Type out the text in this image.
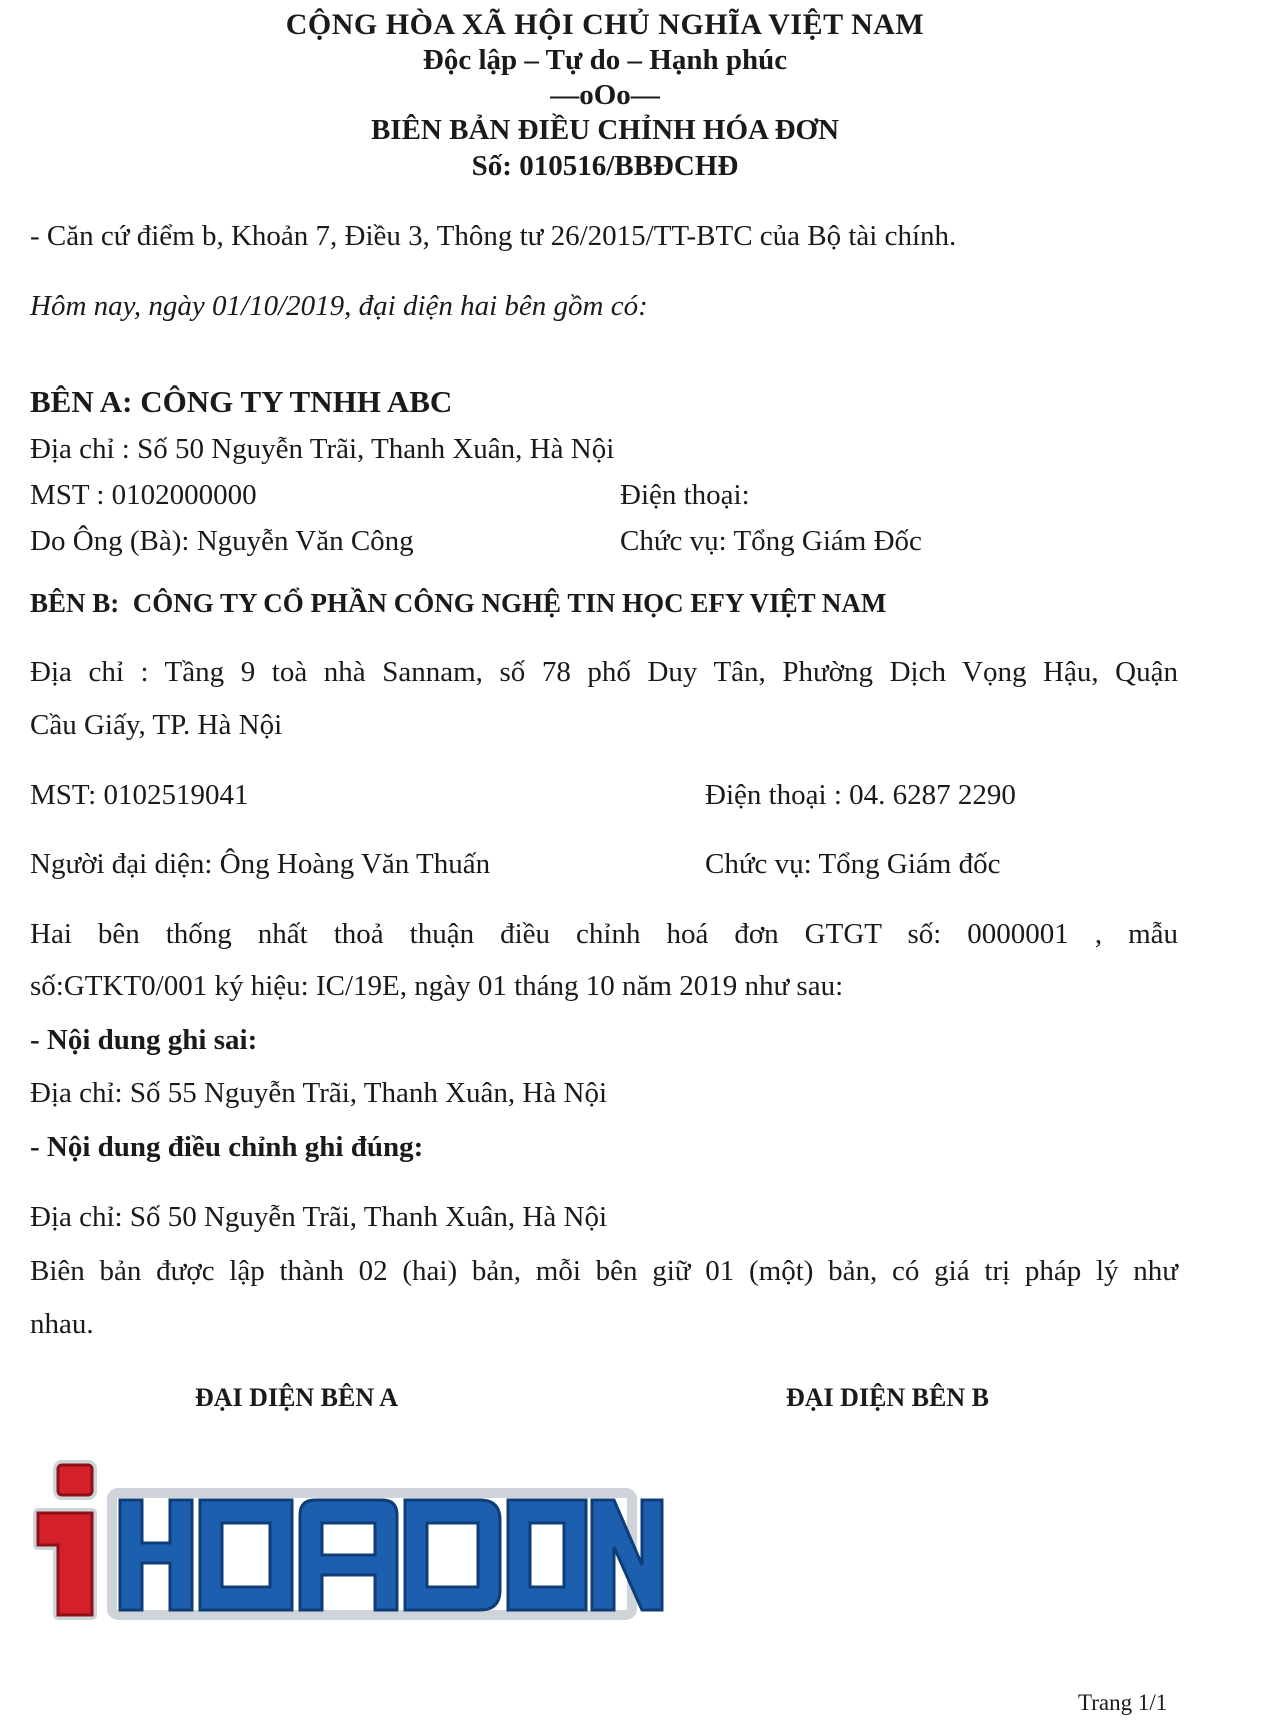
CỘNG HÒA XÃ HỘI CHỦ NGHĨA VIỆT NAM
Độc lập – Tự do – Hạnh phúc
—oOo—
BIÊN BẢN ĐIỀU CHỈNH HÓA ĐƠN
Số: 010516/BBĐCHĐ
- Căn cứ điểm b, Khoản 7, Điều 3, Thông tư 26/2015/TT-BTC của Bộ tài chính.
Hôm nay, ngày 01/10/2019, đại diện hai bên gồm có:
BÊN A: CÔNG TY TNHH ABC
Địa chỉ : Số 50 Nguyễn Trãi, Thanh Xuân, Hà Nội
MST : 0102000000	Điện thoại:
Do Ông (Bà): Nguyễn Văn Công	Chức vụ: Tổng Giám Đốc
BÊN B: CÔNG TY CỔ PHẦN CÔNG NGHỆ TIN HỌC EFY VIỆT NAM
Địa chỉ : Tầng 9 toà nhà Sannam, số 78 phố Duy Tân, Phường Dịch Vọng Hậu, Quận
Cầu Giấy, TP. Hà Nội
MST: 0102519041	Điện thoại : 04. 6287 2290
Người đại diện: Ông Hoàng Văn Thuấn	Chức vụ: Tổng Giám đốc
Hai bên thống nhất thoả thuận điều chỉnh hoá đơn GTGT số: 0000001 , mẫu
số:GTKT0/001 ký hiệu: IC/19E, ngày 01 tháng 10 năm 2019 như sau:
- Nội dung ghi sai:
Địa chỉ: Số 55 Nguyễn Trãi, Thanh Xuân, Hà Nội
- Nội dung điều chỉnh ghi đúng:
Địa chỉ: Số 50 Nguyễn Trãi, Thanh Xuân, Hà Nội
Biên bản được lập thành 02 (hai) bản, mỗi bên giữ 01 (một) bản, có giá trị pháp lý như
nhau.
ĐẠI DIỆN BÊN A	ĐẠI DIỆN BÊN B
Trang 1/1
